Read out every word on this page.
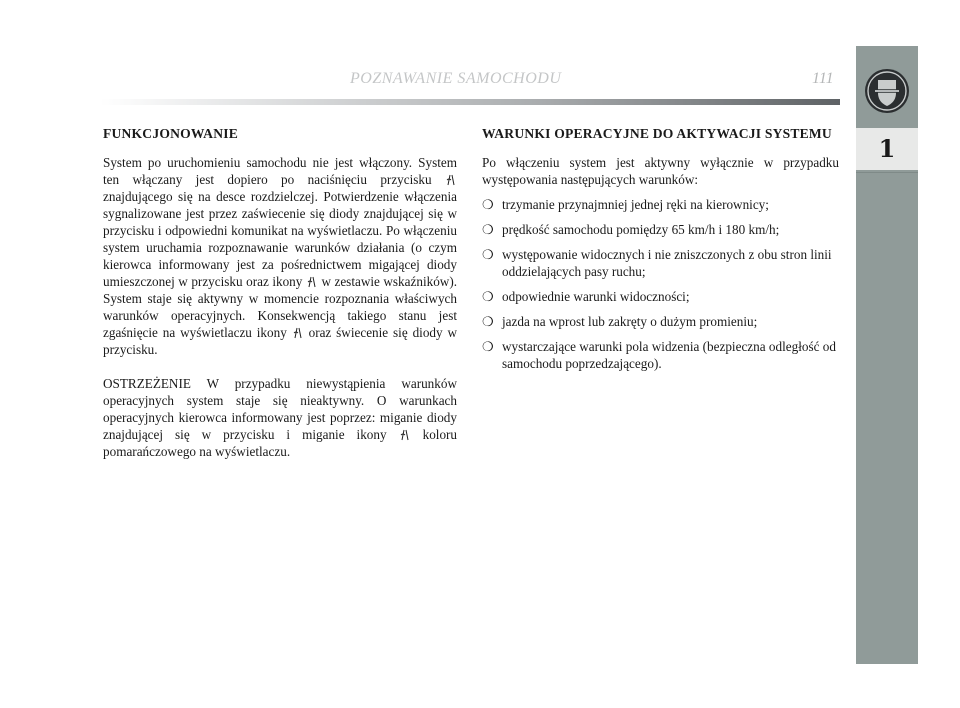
POZNAWANIE SAMOCHODU	111
1
FUNKCJONOWANIE

System po uruchomieniu samochodu nie jest włączony. System ten włączany jest dopiero po naciśnięciu przycisku  znajdującego się na desce rozdzielczej. Potwierdzenie włączenia sygnalizowane jest przez zaświecenie się diody znajdującej się w przycisku i odpowiedni komunikat na wyświetlaczu. Po włączeniu system uruchamia rozpoznawanie warunków działania (o czym kierowca informowany jest za pośrednictwem migającej diody umieszczonej w przycisku oraz ikony w zestawie wskaźników). System staje się aktywny w momencie rozpoznania właściwych warunków operacyjnych. Konsekwencją takiego stanu jest zgaśnięcie na wyświetlaczu ikony oraz świecenie się diody w przycisku.

OSTRZEŻENIE W przypadku niewystąpienia warunków operacyjnych system staje się nieaktywny. O warunkach operacyjnych kierowca informowany jest poprzez: miganie diody znajdującej się w przycisku i miganie ikony	koloru pomarańczowego na wyświetlaczu.

WARUNKI OPERACYJNE DO AKTYWACJI SYSTEMU

Po włączeniu system jest aktywny wyłącznie w przypadku występowania następujących warunków:

❍ trzymanie przynajmniej jednej ręki na kierownicy;
❍ prędkość samochodu pomiędzy 65 km/h i 180 km/h;
❍ występowanie widocznych i nie zniszczonych z obu stron linii oddzielających pasy ruchu;
❍ odpowiednie warunki widoczności;
❍ jazda na wprost lub zakręty o dużym promieniu;
❍ wystarczające warunki pola widzenia (bezpieczna odległość od samochodu poprzedzającego).
